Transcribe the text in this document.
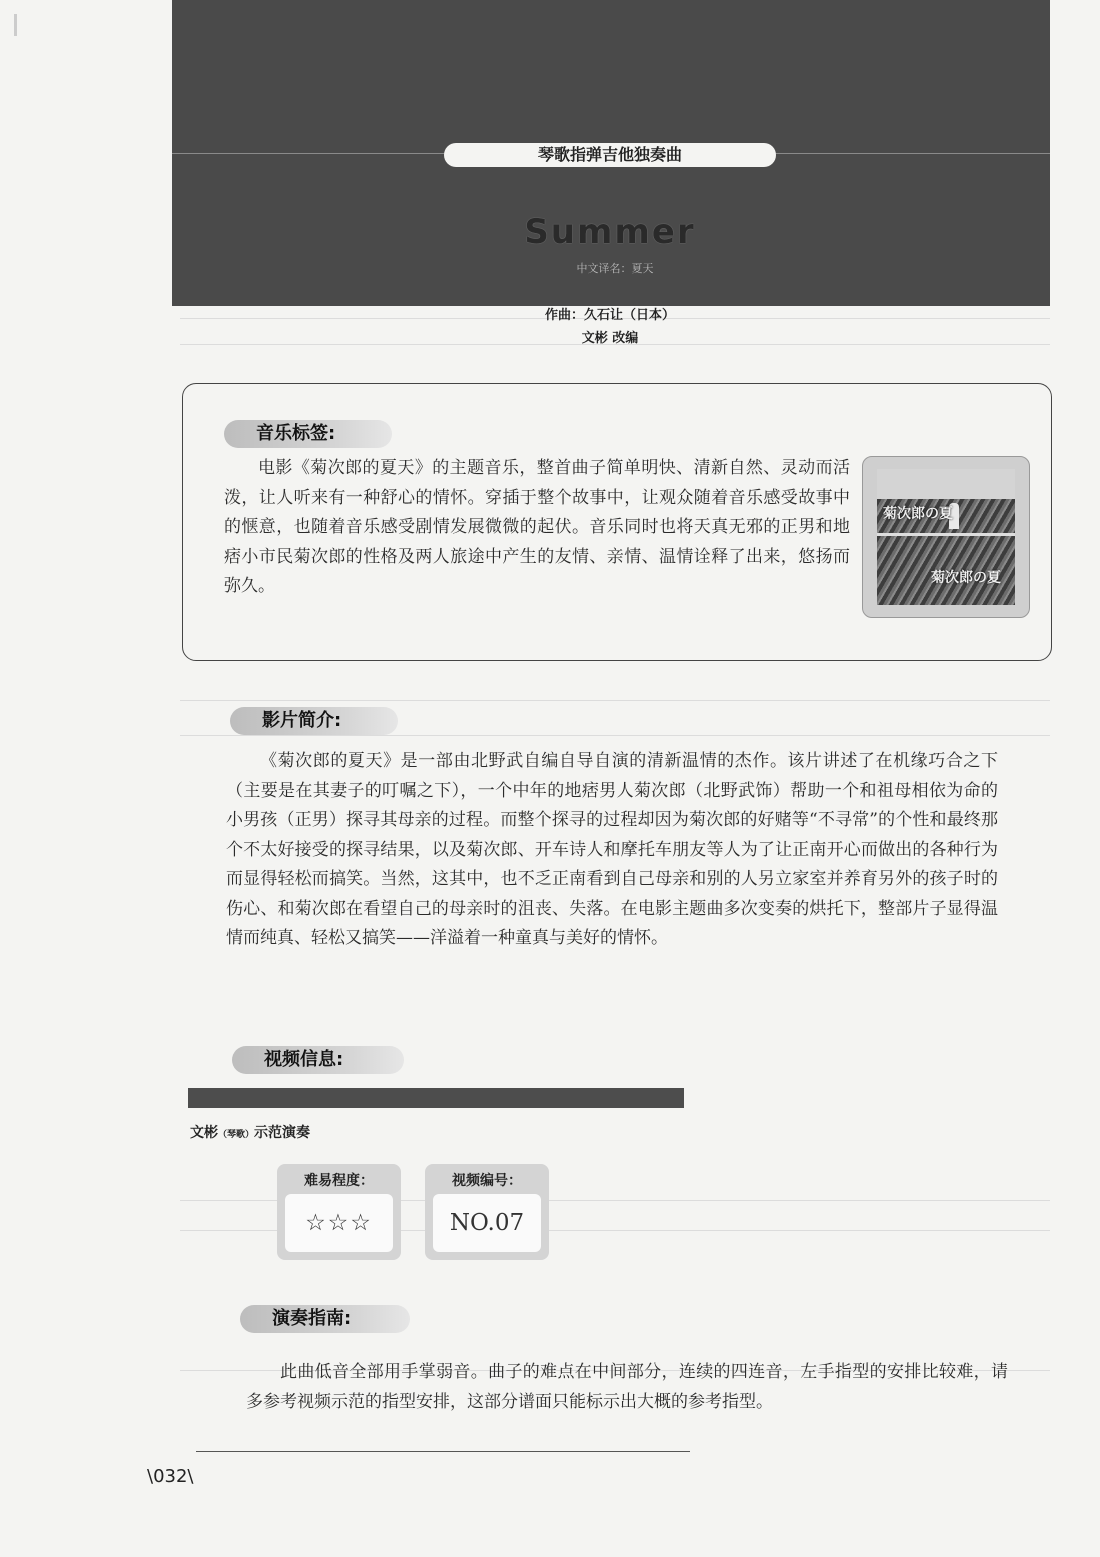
琴歌指弹吉他独奏曲
Summer
中文译名：夏天
作曲：久石让（日本）
文彬 改编
音乐标签:

电影《菊次郎的夏天》的主题音乐，整首曲子简单明快、清新自然、灵动而活泼，让人听来有一种舒心的情怀。穿插于整个故事中，让观众随着音乐感受故事中的惬意，也随着音乐感受剧情发展微微的起伏。音乐同时也将天真无邪的正男和地痞小市民菊次郎的性格及两人旅途中产生的友情、亲情、温情诠释了出来，悠扬而弥久。

菊次郎の夏
菊次郎の夏
影片简介:

《菊次郎的夏天》是一部由北野武自编自导自演的清新温情的杰作。该片讲述了在机缘巧合之下（主要是在其妻子的叮嘱之下），一个中年的地痞男人菊次郎（北野武饰）帮助一个和祖母相依为命的小男孩（正男）探寻其母亲的过程。而整个探寻的过程却因为菊次郎的好赌等“不寻常”的个性和最终那个不太好接受的探寻结果，以及菊次郎、开车诗人和摩托车朋友等人为了让正南开心而做出的各种行为而显得轻松而搞笑。当然，这其中，也不乏正南看到自己母亲和别的人另立家室并养育另外的孩子时的伤心、和菊次郎在看望自己的母亲时的沮丧、失落。在电影主题曲多次变奏的烘托下，整部片子显得温情而纯真、轻松又搞笑——洋溢着一种童真与美好的情怀。

视频信息:
文彬（琴歌）示范演奏
难易程度：
☆☆☆
视频编号：
NO.07
演奏指南:

此曲低音全部用手掌弱音。曲子的难点在中间部分，连续的四连音，左手指型的安排比较难，请多参考视频示范的指型安排，这部分谱面只能标示出大概的参考指型。

\032\
